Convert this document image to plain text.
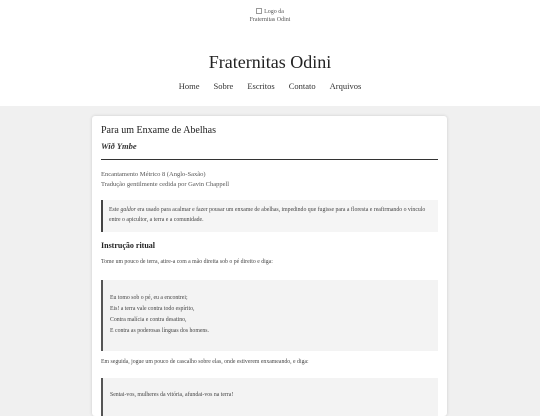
Logo da Fraternitas Odini
Fraternitas Odini
Home Sobre Escritos Contato Arquivos
Para um Enxame de Abelhas
Wið Ymbe
Encantamento Métrico 8 (Anglo-Saxão)
Tradução gentilmente cedida por Gavin Chappell
Este galdor era usado para acalmar e fazer pousar um enxame de abelhas, impedindo que fugisse para a floresta e reafirmando o vínculo entre o apicultor, a terra e a comunidade.
Instrução ritual
Tome um pouco de terra, atire-a com a mão direita sob o pé direito e diga:
Eu tomo sob o pé, eu a encontrei;
Eis! a terra vale contra todo espírito,
Contra malícia e contra desatino,
E contra as poderosas línguas dos homens.
Em seguida, jogue um pouco de cascalho sobre elas, onde estiverem enxameando, e diga:
Sentai-vos, mulheres da vitória, afundai-vos na terra!
